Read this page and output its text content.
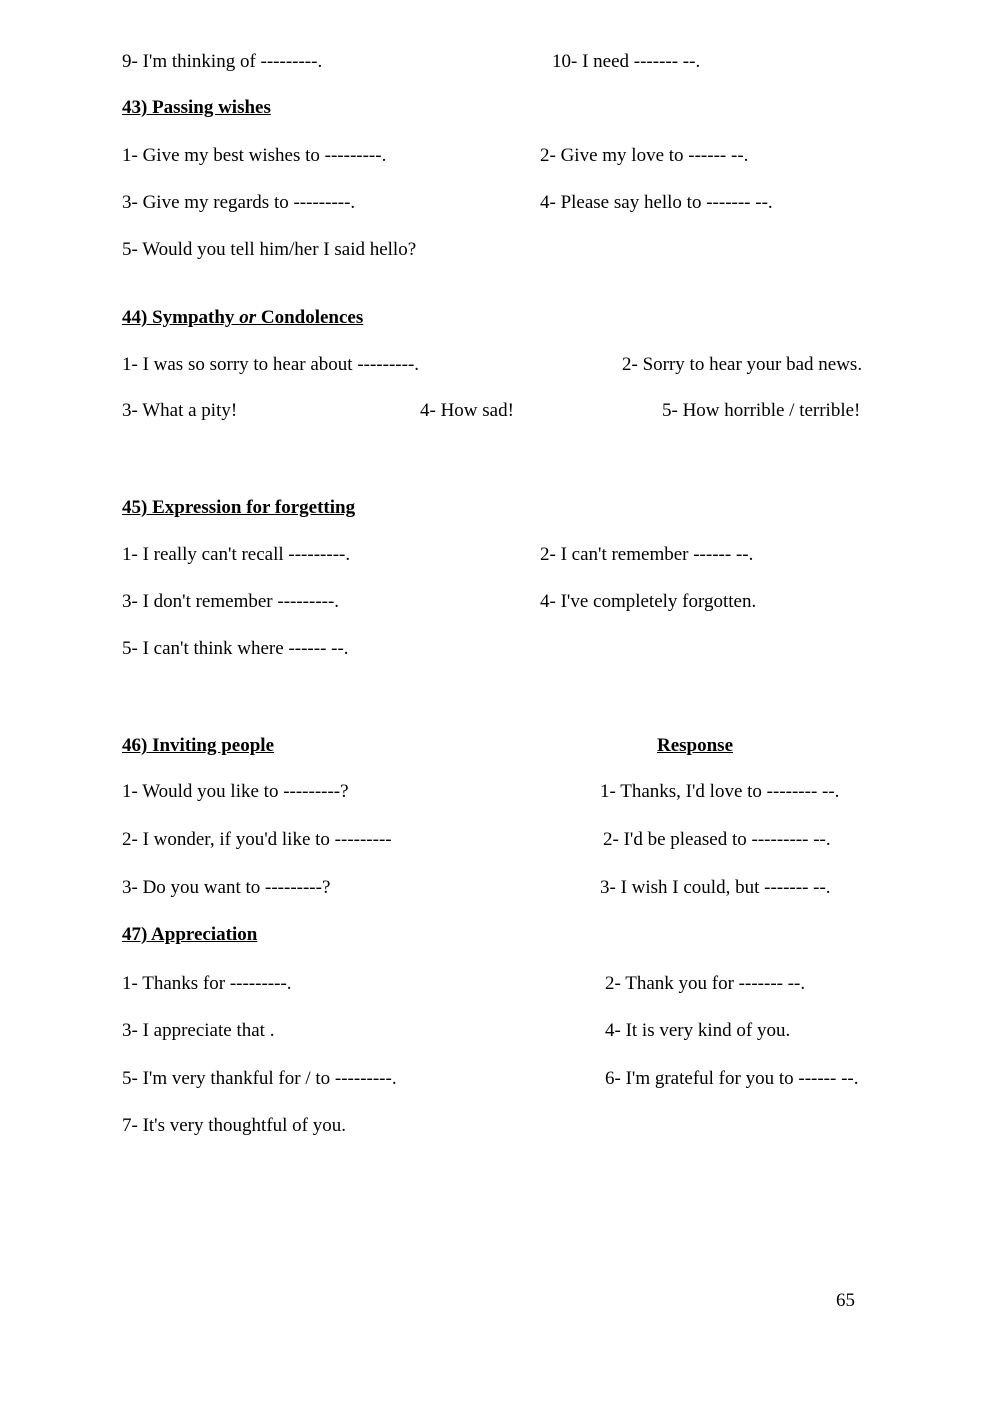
9- I'm thinking of ---------.	10- I need ------- --.
43) Passing wishes
1- Give my best wishes to ---------.	2- Give my love to ------ --.
3- Give my regards to ---------.	4- Please say hello to ------- --.
5- Would you tell him/her I said hello?
44) Sympathy or Condolences
1- I was so sorry to hear about ---------.	2- Sorry to hear your bad news.
3- What a pity!	4- How sad!	5- How horrible / terrible!
45) Expression for forgetting
1- I really can't recall ---------.	2- I can't remember ------ --.
3- I don't remember ---------.	4- I've completely forgotten.
5- I can't think where ------ --.
46) Inviting people	Response
1- Would you like to ---------?	1- Thanks, I'd love to -------- --.
2- I wonder, if you'd like to ---------	2- I'd be pleased to --------- --.
3- Do you want to ---------?	3- I wish I could, but ------- --.
47) Appreciation
1- Thanks for ---------.	2- Thank you for ------- --.
3- I appreciate that .	4- It is very kind of you.
5- I'm very thankful for / to ---------.	6- I'm grateful for you to ------ --.
7- It's very thoughtful of you.
65
